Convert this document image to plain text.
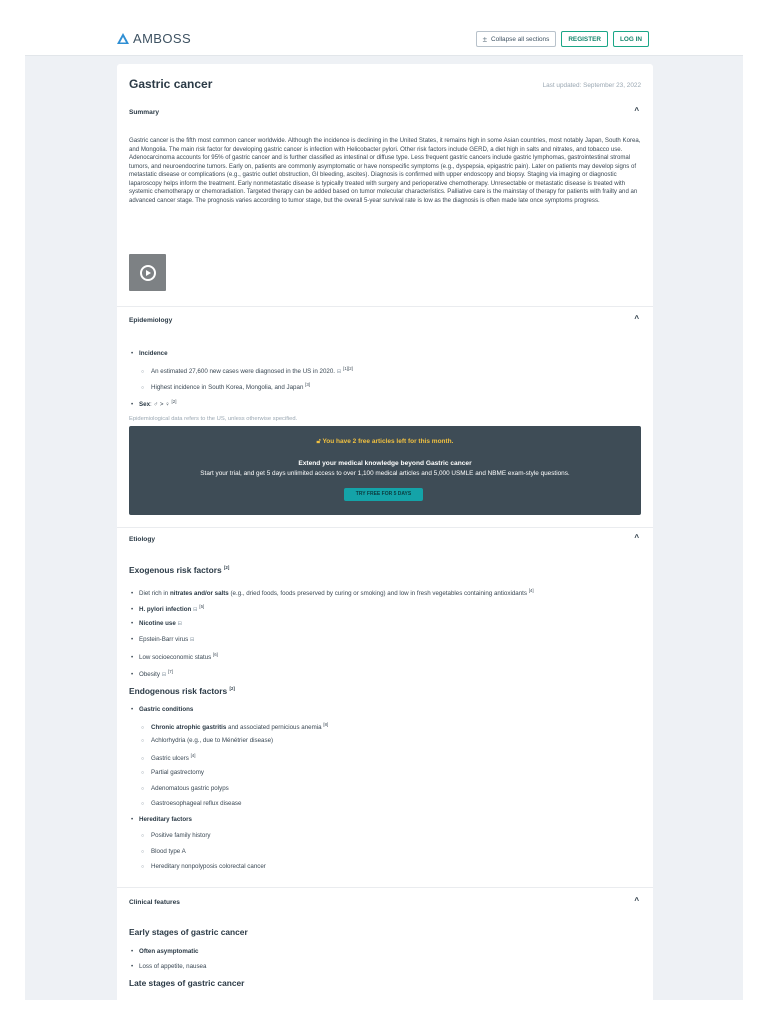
AMBOSS	± Collapse all sections	REGISTER	LOG IN
Gastric cancer	Last updated: September 23, 2022
Summary	^
Gastric cancer is the fifth most common cancer worldwide. Although the incidence is declining in the United States, it remains high in some Asian countries, most notably Japan, South Korea, and Mongolia. The main risk factor for developing gastric cancer is infection with Helicobacter pylori. Other risk factors include GERD, a diet high in salts and nitrates, and tobacco use. Adenocarcinoma accounts for 95% of gastric cancer and is further classified as intestinal or diffuse type. Less frequent gastric cancers include gastric lymphomas, gastrointestinal stromal tumors, and neuroendocrine tumors. Early on, patients are commonly asymptomatic or have nonspecific symptoms (e.g., dyspepsia, epigastric pain). Later on patients may develop signs of metastatic disease or complications (e.g., gastric outlet obstruction, GI bleeding, ascites). Diagnosis is confirmed with upper endoscopy and biopsy. Staging via imaging or diagnostic laparoscopy helps inform the treatment. Early nonmetastatic disease is typically treated with surgery and perioperative chemotherapy. Unresectable or metastatic disease is treated with systemic chemotherapy or chemoradiation. Targeted therapy can be added based on tumor molecular characteristics. Palliative care is the mainstay of therapy for patients with frailty and an advanced cancer stage. The prognosis varies according to tumor stage, but the overall 5-year survival rate is low as the diagnosis is often made late once symptoms progress.
Epidemiology	^
• Incidence
○ An estimated 27,600 new cases were diagnosed in the US in 2020. ⊟ [1][2]
○ Highest incidence in South Korea, Mongolia, and Japan [3]
• Sex: ♂ > ♀ [2]
Epidemiological data refers to the US, unless otherwise specified.
🔓︎ You have 2 free articles left for this month.
Extend your medical knowledge beyond Gastric cancer
Start your trial, and get 5 days unlimited access to over 1,100 medical articles and 5,000 USMLE and NBME exam-style questions.
TRY FREE FOR 5 DAYS
Etiology	^
Exogenous risk factors [2]
• Diet rich in nitrates and/or salts (e.g., dried foods, foods preserved by curing or smoking) and low in fresh vegetables containing antioxidants [4]
• H. pylori infection ⊟ [5]
• Nicotine use ⊟
• Epstein-Barr virus ⊟
• Low socioeconomic status [6]
• Obesity ⊟ [7]
Endogenous risk factors [2]
• Gastric conditions
○ Chronic atrophic gastritis and associated pernicious anemia [8]
○ Achlorhydria (e.g., due to Ménétrier disease)
○ Gastric ulcers [4]
○ Partial gastrectomy
○ Adenomatous gastric polyps
○ Gastroesophageal reflux disease
• Hereditary factors
○ Positive family history
○ Blood type A
○ Hereditary nonpolyposis colorectal cancer
Clinical features	^
Early stages of gastric cancer
• Often asymptomatic
• Loss of appetite, nausea
Late stages of gastric cancer
